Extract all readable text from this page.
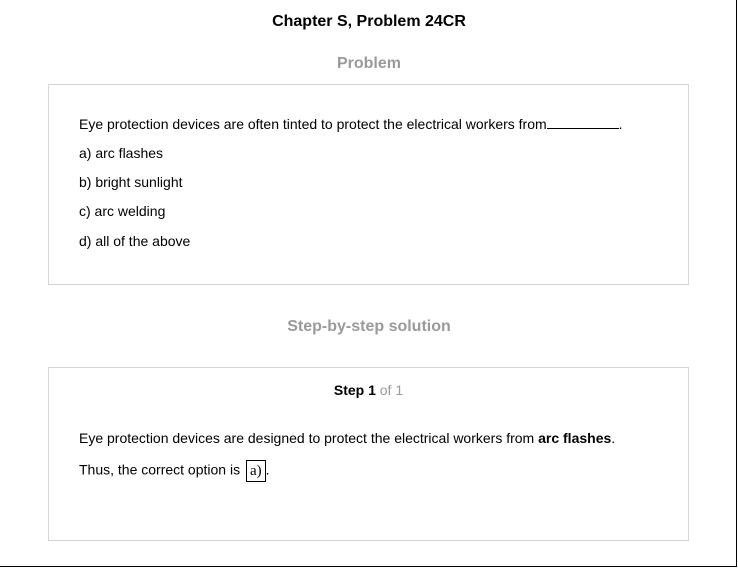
Chapter S, Problem 24CR
Problem
Eye protection devices are often tinted to protect the electrical workers from	.
a) arc flashes
b) bright sunlight
c) arc welding
d) all of the above
Step-by-step solution
Step 1 of 1
Eye protection devices are designed to protect the electrical workers from arc flashes.
Thus, the correct option is a) .
